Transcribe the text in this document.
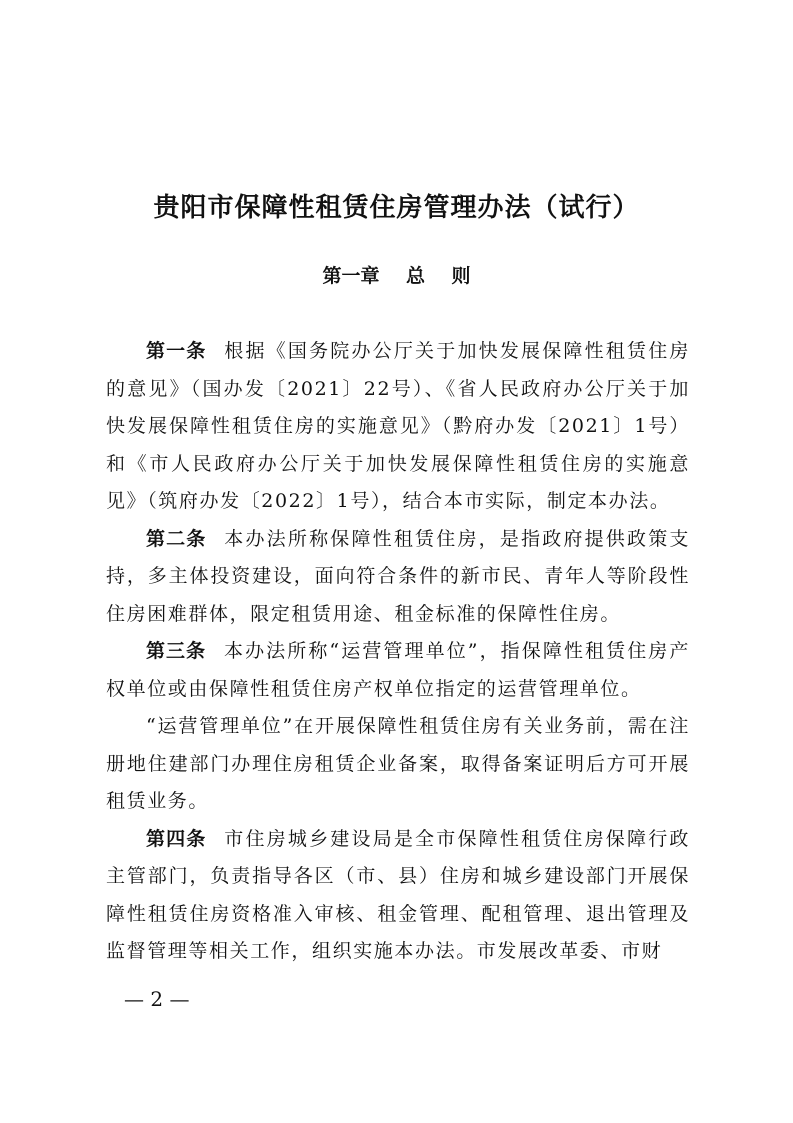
贵阳市保障性租赁住房管理办法（试行）
第一章    总    则

第一条 根据《国务院办公厅关于加快发展保障性租赁住房的意见》（国办发〔2021〕22号）、《省人民政府办公厅关于加快发展保障性租赁住房的实施意见》（黔府办发〔2021〕1号）和《市人民政府办公厅关于加快发展保障性租赁住房的实施意见》（筑府办发〔2022〕1号），结合本市实际，制定本办法。

第二条 本办法所称保障性租赁住房，是指政府提供政策支持，多主体投资建设，面向符合条件的新市民、青年人等阶段性住房困难群体，限定租赁用途、租金标准的保障性住房。

第三条 本办法所称“运营管理单位”，指保障性租赁住房产权单位或由保障性租赁住房产权单位指定的运营管理单位。

“运营管理单位”在开展保障性租赁住房有关业务前，需在注册地住建部门办理住房租赁企业备案，取得备案证明后方可开展租赁业务。

第四条 市住房城乡建设局是全市保障性租赁住房保障行政主管部门，负责指导各区（市、县）住房和城乡建设部门开展保障性租赁住房资格准入审核、租金管理、配租管理、退出管理及监督管理等相关工作，组织实施本办法。市发展改革委、市财

— 2 —
